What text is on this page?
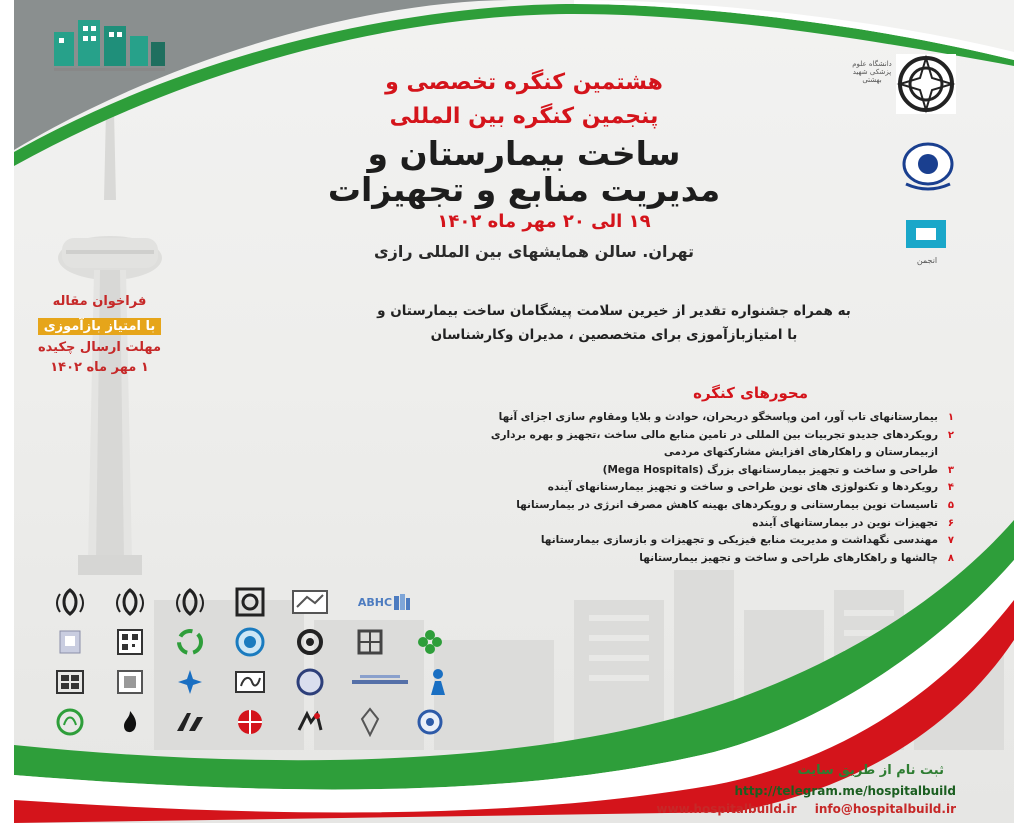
دانشگاه علوم پزشکی شهید بهشتی
انجمن
هشتمین کنگره تخصصی و
پنجمین کنگره بین المللی
ساخت بیمارستان و
مدیریت منابع و تجهیزات
۱۹ الی ۲۰ مهر ماه ۱۴۰۲
تهران. سالن همایشهای بین المللی رازی
به همراه جشنواره تقدیر از خیرین سلامت پیشگامان ساخت بیمارستان و
با امتیازبازآموزی برای متخصصین ، مدیران وکارشناسان
فراخوان مقاله
با امتیاز بازآموزی
مهلت ارسال چکیده
۱ مهر ماه ۱۴۰۲
محورهای کنگره
۱
بیمارستانهای تاب آور، امن وپاسخگو دربحران، حوادث و بلایا ومقاوم سازی اجزای آنها
۲
رویکردهای جدیدو تجربیات بین المللی در تامین منابع مالی ساخت ،تجهیز و بهره برداری
ازبیمارستان و راهکارهای افزایش مشارکتهای مردمی
۳
طراحی و ساخت و تجهیز بیمارستانهای بزرگ (Mega Hospitals)
۴
رویکردها و تکنولوژی های نوین طراحی و ساخت و تجهیز بیمارستانهای آینده
۵
تاسیسات نوین بیمارستانی و رویکردهای بهینه کاهش مصرف انرژی در بیمارستانها
۶
تجهیزات نوین در بیمارستانهای آینده
۷
مهندسی نگهداشت و مدیریت منابع فیزیکی و تجهیزات و بازسازی بیمارستانها
۸
چالشها و راهکارهای طراحی و ساخت و تجهیز بیمارستانها
ABHC
ثبت نام از طریق سایت
http://telegram.me/hospitalbuild
www.hospitalbuild.ir info@hospitalbuild.ir
